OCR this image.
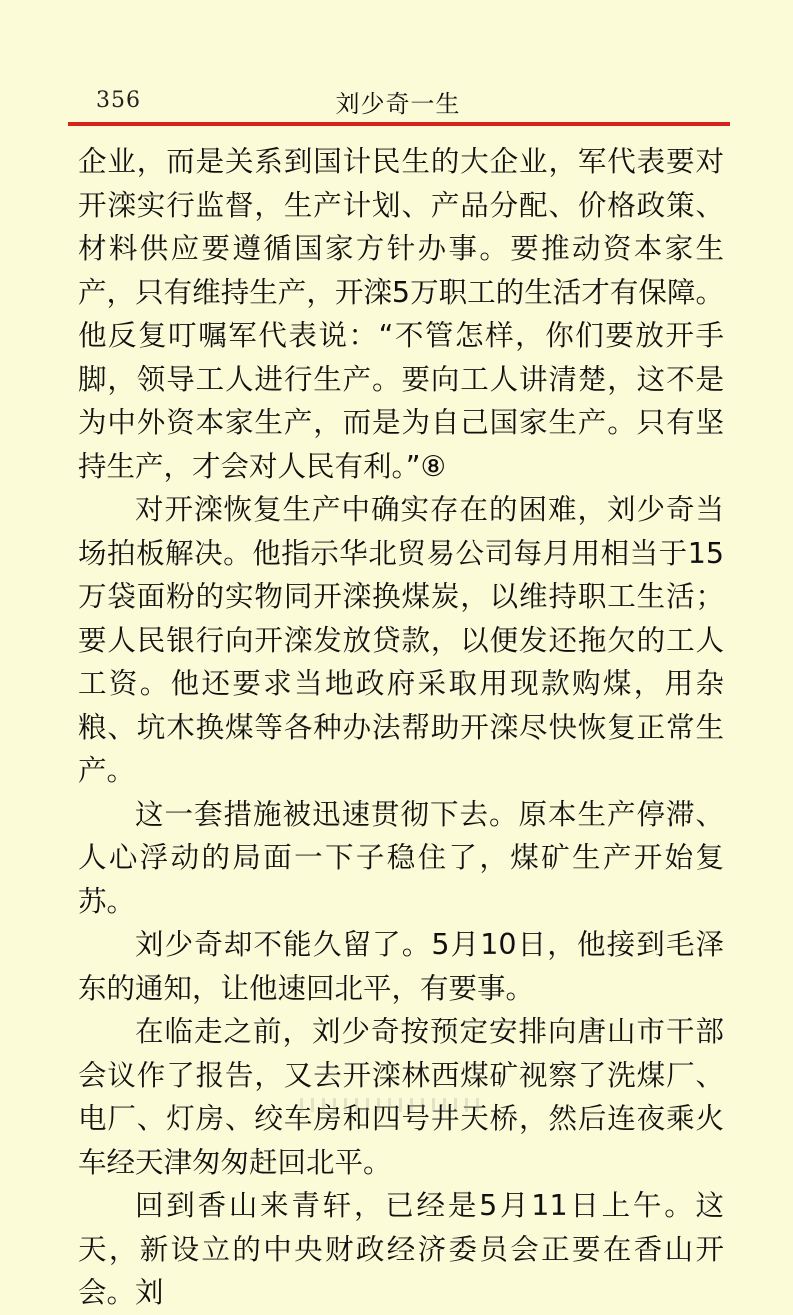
356	刘少奇一生

企业，而是关系到国计民生的大企业，军代表要对开滦实行监督，生产计划、产品分配、价格政策、材料供应要遵循国家方针办事。要推动资本家生产，只有维持生产，开滦5万职工的生活才有保障。他反复叮嘱军代表说：“不管怎样，你们要放开手脚，领导工人进行生产。要向工人讲清楚，这不是为中外资本家生产，而是为自己国家生产。只有坚持生产，才会对人民有利。”⑧

对开滦恢复生产中确实存在的困难，刘少奇当场拍板解决。他指示华北贸易公司每月用相当于15万袋面粉的实物同开滦换煤炭，以维持职工生活；要人民银行向开滦发放贷款，以便发还拖欠的工人工资。他还要求当地政府采取用现款购煤，用杂粮、坑木换煤等各种办法帮助开滦尽快恢复正常生产。

这一套措施被迅速贯彻下去。原本生产停滞、人心浮动的局面一下子稳住了，煤矿生产开始复苏。

刘少奇却不能久留了。5月10日，他接到毛泽东的通知，让他速回北平，有要事。

在临走之前，刘少奇按预定安排向唐山市干部会议作了报告，又去开滦林西煤矿视察了洗煤厂、电厂、灯房、绞车房和四号井天桥，然后连夜乘火车经天津匆匆赶回北平。

回到香山来青轩，已经是5月11日上午。这天，新设立的中央财政经济委员会正要在香山开会。刘
